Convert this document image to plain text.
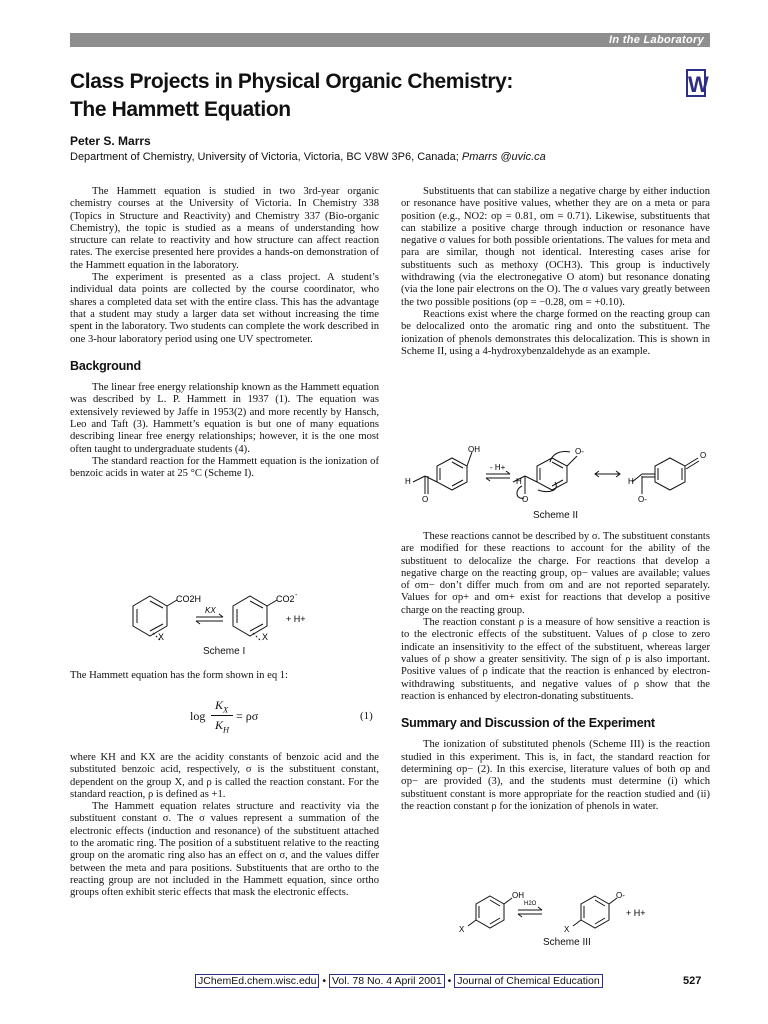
In the Laboratory
Class Projects in Physical Organic Chemistry:
The Hammett Equation
W
Peter S. Marrs
Department of Chemistry, University of Victoria, Victoria, BC V8W 3P6, Canada; Pmarrs @uvic.ca

The Hammett equation is studied in two 3rd-year organic chemistry courses at the University of Victoria. In Chemistry 338 (Topics in Structure and Reactivity) and Chemistry 337 (Bio-organic Chemistry), the topic is studied as a means of understanding how structure can relate to reactivity and how structure can affect reaction rates. The exercise presented here provides a hands-on demonstration of the Hammett equation in the laboratory.

The experiment is presented as a class project. A student’s individual data points are collected by the course coordinator, who shares a completed data set with the entire class. This has the advantage that a student may study a larger data set without increasing the time spent in the laboratory. Two students can complete the work described in one 3-hour laboratory period using one UV spectrometer.

Background

The linear free energy relationship known as the Hammett equation was described by L. P. Hammett in 1937 (1). The equation was extensively reviewed by Jaffe in 1953(2) and more recently by Hansch, Leo and Taft (3). Hammett’s equation is but one of many equations describing linear free energy relationships; however, it is the one most often taught to undergraduate students (4).

The standard reaction for the Hammett equation is the ionization of benzoic acids in water at 25 °C (Scheme I).

CO2H
KX
CO2 -
+ H+
X	X
Scheme I

The Hammett equation has the form shown in eq 1:

log
$K_X$
$K_H$
= ρσ	(1)

where KH and KX are the acidity constants of benzoic acid and the substituted benzoic acid, respectively, σ is the substituent constant, dependent on the group X, and ρ is called the reaction constant. For the standard reaction, ρ is defined as +1.

The Hammett equation relates structure and reactivity via the substituent constant σ. The σ values represent a summation of the electronic effects (induction and resonance) of the substituent attached to the aromatic ring. The position of a substituent relative to the reacting group on the aromatic ring also has an effect on σ, and the values differ between the meta and para positions. Substituents that are ortho to the reacting group are not included in the Hammett equation, since ortho groups often exhibit steric effects that mask the electronic effects.

Substituents that can stabilize a negative charge by either induction or resonance have positive values, whether they are on a meta or para position (e.g., NO2: σp = 0.81, σm = 0.71). Likewise, substituents that can stabilize a positive charge through induction or resonance have negative σ values for both possible orientations. The values for meta and para are similar, though not identical. Interesting cases arise for substituents such as methoxy (OCH3). This group is inductively withdrawing (via the electronegative O atom) but resonance donating (via the lone pair electrons on the O). The σ values vary greatly between the two possible positions (σp = −0.28, σm = +0.10).

Reactions exist where the charge formed on the reacting group can be delocalized onto the aromatic ring and onto the substituent. The ionization of phenols demonstrates this delocalization. This is shown in Scheme II, using a 4-hydroxybenzaldehyde as an example.

OH
- H+
H
O
H
O
O-
H
O
O-
Scheme II

These reactions cannot be described by σ. The substituent constants are modified for these reactions to account for the ability of the substituent to delocalize the charge. For reactions that develop a negative charge on the reacting group, σp− values are available; values of σm− don’t differ much from σm and are not reported separately. Values for σp+ and σm+ exist for reactions that develop a positive charge on the reacting group.

The reaction constant ρ is a measure of how sensitive a reaction is to the electronic effects of the substituent. Values of ρ close to zero indicate an insensitivity to the effect of the substituent, whereas larger values of ρ show a greater sensitivity. The sign of ρ is also important. Positive values of ρ indicate that the reaction is enhanced by electron-withdrawing substituents, and negative values of ρ show that the reaction is enhanced by electron-donating substituents.

Summary and Discussion of the Experiment

The ionization of substituted phenols (Scheme III) is the reaction studied in this experiment. This is, in fact, the standard reaction for determining σp− (2). In this exercise, literature values of both σp and σp− are provided (3), and the students must determine (i) which substituent constant is more appropriate for the reaction studied and (ii) the reaction constant ρ for the ionization of phenols in water.

OH
H2O
O-
+ H+
X	X
Scheme III
JChemEd.chem.wisc.edu • Vol. 78 No. 4 April 2001 • Journal of Chemical Education	527
